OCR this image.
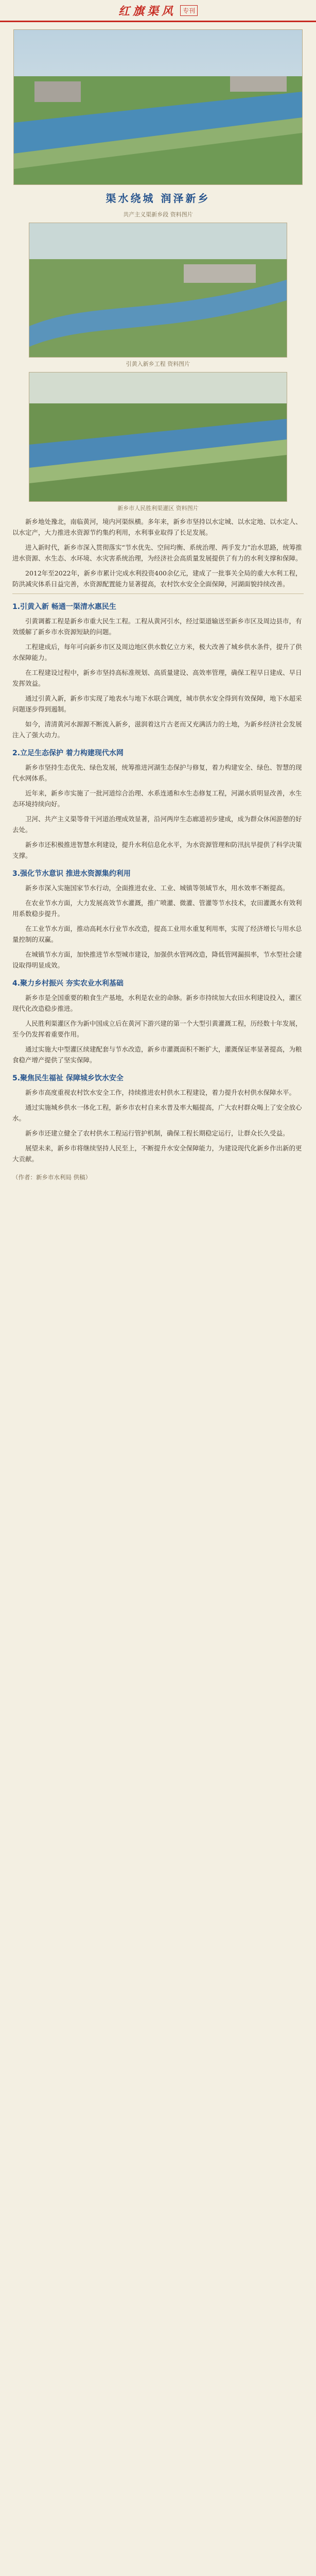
红旗渠风	专刊
渠水绕城 润泽新乡
共产主义渠新乡段 资料图片
引黄入新乡工程 资料图片
新乡市人民胜利渠灌区 资料图片

新乡地处豫北，南临黄河，境内河渠纵横。多年来，新乡市坚持以水定城、以水定地、以水定人、以水定产，大力推进水资源节约集约利用，水利事业取得了长足发展。

进入新时代，新乡市深入贯彻落实“节水优先、空间均衡、系统治理、两手发力”治水思路，统筹推进水资源、水生态、水环境、水灾害系统治理，为经济社会高质量发展提供了有力的水利支撑和保障。

2012年至2022年，新乡市累计完成水利投资400余亿元，建成了一批事关全局的重大水利工程，防洪减灾体系日益完善，水资源配置能力显著提高，农村饮水安全全面保障，河湖面貌持续改善。

1.引黄入新 畅通一渠清水惠民生

引黄调蓄工程是新乡市重大民生工程。工程从黄河引水，经过渠道输送至新乡市区及周边县市，有效缓解了新乡市水资源短缺的问题。

工程建成后，每年可向新乡市区及周边地区供水数亿立方米，极大改善了城乡供水条件，提升了供水保障能力。

在工程建设过程中，新乡市坚持高标准规划、高质量建设、高效率管理，确保工程早日建成、早日发挥效益。

通过引黄入新，新乡市实现了地表水与地下水联合调度，城市供水安全得到有效保障，地下水超采问题逐步得到遏制。

如今，清清黄河水源源不断流入新乡，滋润着这片古老而又充满活力的土地，为新乡经济社会发展注入了强大动力。

2.立足生态保护 着力构建现代水网

新乡市坚持生态优先、绿色发展，统筹推进河湖生态保护与修复，着力构建安全、绿色、智慧的现代水网体系。

近年来，新乡市实施了一批河道综合治理、水系连通和水生态修复工程，河湖水质明显改善，水生态环境持续向好。

卫河、共产主义渠等骨干河道治理成效显著，沿河两岸生态廊道初步建成，成为群众休闲游憩的好去处。

新乡市还积极推进智慧水利建设，提升水利信息化水平，为水资源管理和防汛抗旱提供了科学决策支撑。

3.强化节水意识 推进水资源集约利用

新乡市深入实施国家节水行动，全面推进农业、工业、城镇等领域节水，用水效率不断提高。

在农业节水方面，大力发展高效节水灌溉，推广喷灌、微灌、管灌等节水技术，农田灌溉水有效利用系数稳步提升。

在工业节水方面，推动高耗水行业节水改造，提高工业用水重复利用率，实现了经济增长与用水总量控制的双赢。

在城镇节水方面，加快推进节水型城市建设，加强供水管网改造，降低管网漏损率，节水型社会建设取得明显成效。

4.聚力乡村振兴 夯实农业水利基础

新乡市是全国重要的粮食生产基地，水利是农业的命脉。新乡市持续加大农田水利建设投入，灌区现代化改造稳步推进。

人民胜利渠灌区作为新中国成立后在黄河下游兴建的第一个大型引黄灌溉工程，历经数十年发展，至今仍发挥着重要作用。

通过实施大中型灌区续建配套与节水改造，新乡市灌溉面积不断扩大，灌溉保证率显著提高，为粮食稳产增产提供了坚实保障。

5.聚焦民生福祉 保障城乡饮水安全

新乡市高度重视农村饮水安全工作，持续推进农村供水工程建设，着力提升农村供水保障水平。

通过实施城乡供水一体化工程，新乡市农村自来水普及率大幅提高，广大农村群众喝上了安全放心水。

新乡市还建立健全了农村供水工程运行管护机制，确保工程长期稳定运行，让群众长久受益。

展望未来，新乡市将继续坚持人民至上，不断提升水安全保障能力，为建设现代化新乡作出新的更大贡献。

（作者：新乡市水利局 供稿）
